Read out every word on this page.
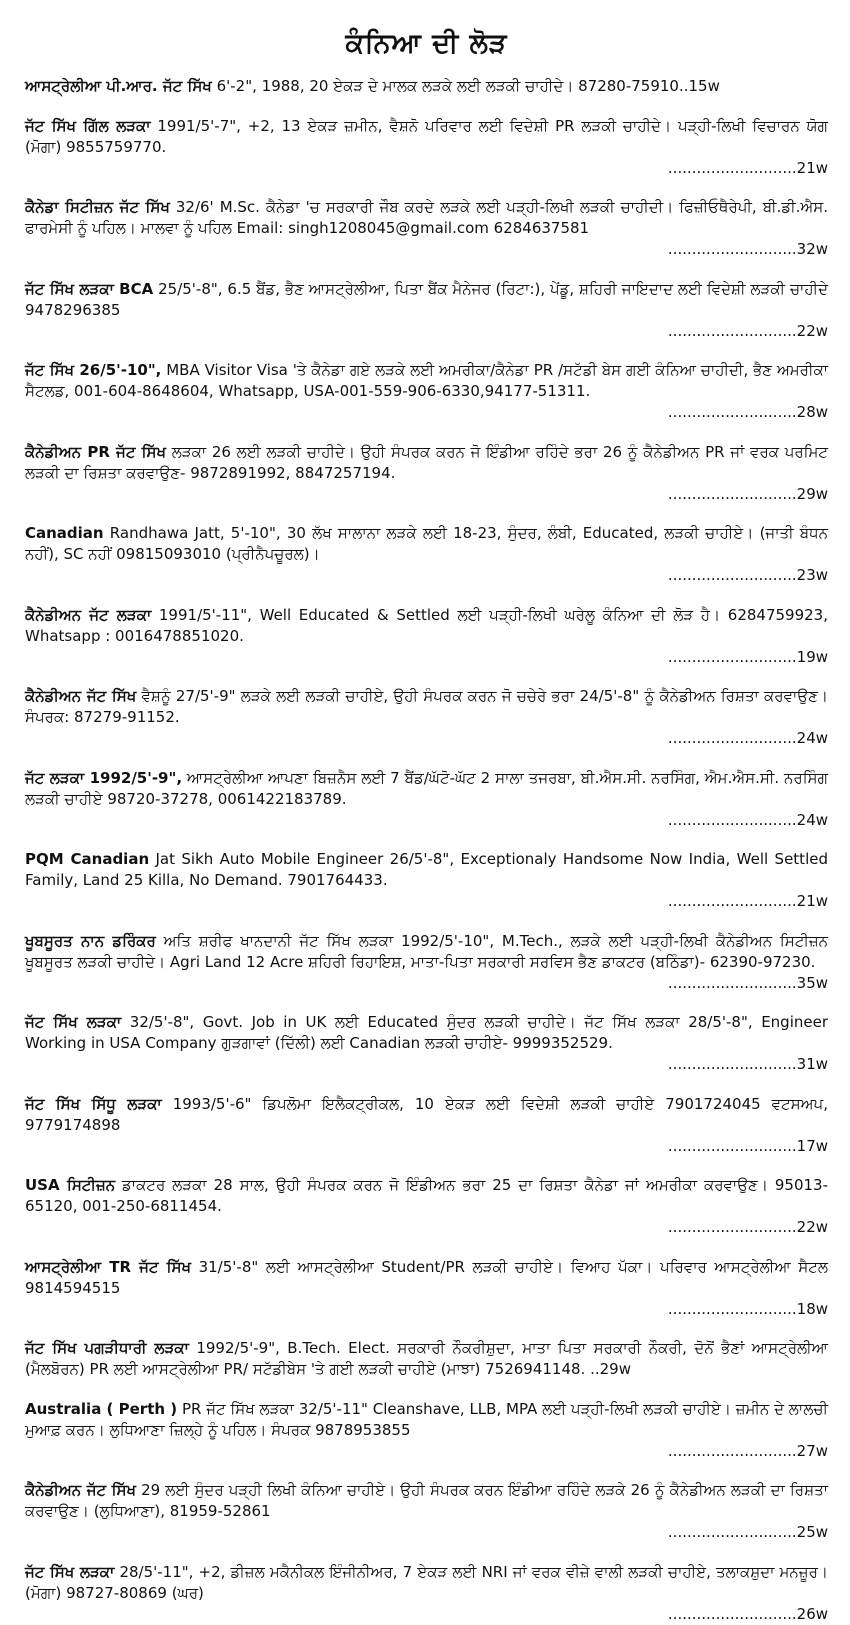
ਕੰਨਿਆ ਦੀ ਲੋੜ
ਆਸਟ੍ਰੇਲੀਆ ਪੀ.ਆਰ. ਜੱਟ ਸਿੱਖ 6'-2", 1988, 20 ਏਕੜ ਦੇ ਮਾਲਕ ਲੜਕੇ ਲਈ ਲੜਕੀ ਚਾਹੀਦੇ। 87280-75910..15w
ਜੱਟ ਸਿੱਖ ਗਿੱਲ ਲੜਕਾ 1991/5'-7", +2, 13 ਏਕੜ ਜ਼ਮੀਨ, ਵੈਸ਼ਨੋ ਪਰਿਵਾਰ ਲਈ ਵਿਦੇਸ਼ੀ PR ਲੜਕੀ ਚਾਹੀਦੇ। ਪੜ੍ਹੀ-ਲਿਖੀ ਵਿਚਾਰਨ ਯੋਗ (ਮੋਗਾ) 9855759770.
...........................21w
ਕੈਨੇਡਾ ਸਿਟੀਜ਼ਨ ਜੱਟ ਸਿੱਖ 32/6' M.Sc. ਕੈਨੇਡਾ 'ਚ ਸਰਕਾਰੀ ਜੌਬ ਕਰਦੇ ਲੜਕੇ ਲਈ ਪੜ੍ਹੀ-ਲਿਖੀ ਲੜਕੀ ਚਾਹੀਦੀ। ਫਿਜ਼ੀਓਥੈਰੇਪੀ, ਬੀ.ਡੀ.ਐਸ. ਫਾਰਮੇਸੀ ਨੂੰ ਪਹਿਲ। ਮਾਲਵਾ ਨੂੰ ਪਹਿਲ Email: singh1208045@gmail.com 6284637581
...........................32w
ਜੱਟ ਸਿੱਖ ਲੜਕਾ BCA 25/5'-8", 6.5 ਬੈਂਡ, ਭੈਣ ਆਸਟ੍ਰੇਲੀਆ, ਪਿਤਾ ਬੈਂਕ ਮੈਨੇਜਰ (ਰਿਟਾ:), ਪੇਂਡੂ, ਸ਼ਹਿਰੀ ਜਾਇਦਾਦ ਲਈ ਵਿਦੇਸ਼ੀ ਲੜਕੀ ਚਾਹੀਦੇ 9478296385
...........................22w
ਜੱਟ ਸਿੱਖ 26/5'-10", MBA Visitor Visa 'ਤੇ ਕੈਨੇਡਾ ਗਏ ਲੜਕੇ ਲਈ ਅਮਰੀਕਾ/ਕੈਨੇਡਾ PR /ਸਟੱਡੀ ਬੇਸ ਗਈ ਕੰਨਿਆ ਚਾਹੀਦੀ, ਭੈਣ ਅਮਰੀਕਾ ਸੈਟਲਡ, 001-604-8648604, Whatsapp, USA-001-559-906-6330,94177-51311.
...........................28w
ਕੈਨੇਡੀਅਨ PR ਜੱਟ ਸਿੱਖ ਲੜਕਾ 26 ਲਈ ਲੜਕੀ ਚਾਹੀਦੇ। ਉਹੀ ਸੰਪਰਕ ਕਰਨ ਜੋ ਇੰਡੀਆ ਰਹਿੰਦੇ ਭਰਾ 26 ਨੂੰ ਕੈਨੇਡੀਅਨ PR ਜਾਂ ਵਰਕ ਪਰਮਿਟ ਲੜਕੀ ਦਾ ਰਿਸ਼ਤਾ ਕਰਵਾਉਣ- 9872891992, 8847257194.
...........................29w
Canadian Randhawa Jatt, 5'-10", 30 ਲੱਖ ਸਾਲਾਨਾ ਲੜਕੇ ਲਈ 18-23, ਸੁੰਦਰ, ਲੰਬੀ, Educated, ਲੜਕੀ ਚਾਹੀਏ। (ਜਾਤੀ ਬੰਧਨ ਨਹੀਂ), SC ਨਹੀਂ 09815093010 (ਪ੍ਰੀਨੈਪਚੂਰਲ)।
...........................23w
ਕੈਨੇਡੀਅਨ ਜੱਟ ਲੜਕਾ 1991/5'-11", Well Educated & Settled ਲਈ ਪੜ੍ਹੀ-ਲਿਖੀ ਘਰੇਲੂ ਕੰਨਿਆ ਦੀ ਲੋੜ ਹੈ। 6284759923, Whatsapp : 0016478851020.
...........................19w
ਕੈਨੇਡੀਅਨ ਜੱਟ ਸਿੱਖ ਵੈਸ਼ਨੂੰ 27/5'-9" ਲੜਕੇ ਲਈ ਲੜਕੀ ਚਾਹੀਏ, ਉਹੀ ਸੰਪਰਕ ਕਰਨ ਜੋ ਚਚੇਰੇ ਭਰਾ 24/5'-8" ਨੂੰ ਕੈਨੇਡੀਅਨ ਰਿਸ਼ਤਾ ਕਰਵਾਉਣ। ਸੰਪਰਕ: 87279-91152.
...........................24w
ਜੱਟ ਲੜਕਾ 1992/5'-9", ਆਸਟ੍ਰੇਲੀਆ ਆਪਣਾ ਬਿਜ਼ਨੈਸ ਲਈ 7 ਬੈਂਡ/ਘੱਟੋ-ਘੱਟ 2 ਸਾਲਾ ਤਜਰਬਾ, ਬੀ.ਐਸ.ਸੀ. ਨਰਸਿੰਗ, ਐਮ.ਐਸ.ਸੀ. ਨਰਸਿੰਗ ਲੜਕੀ ਚਾਹੀਏ 98720-37278, 0061422183789.
...........................24w
PQM Canadian Jat Sikh Auto Mobile Engineer 26/5'-8", Exceptionaly Handsome Now India, Well Settled Family, Land 25 Killa, No Demand. 7901764433.
...........................21w
ਖੂਬਸੂਰਤ ਨਾਨ ਡਰਿੰਕਰ ਅਤਿ ਸ਼ਰੀਫ ਖਾਨਦਾਨੀ ਜੱਟ ਸਿੱਖ ਲੜਕਾ 1992/5'-10", M.Tech., ਲੜਕੇ ਲਈ ਪੜ੍ਹੀ-ਲਿਖੀ ਕੈਨੇਡੀਅਨ ਸਿਟੀਜ਼ਨ ਖੂਬਸੂਰਤ ਲੜਕੀ ਚਾਹੀਦੇ। Agri Land 12 Acre ਸ਼ਹਿਰੀ ਰਿਹਾਇਸ਼, ਮਾਤਾ-ਪਿਤਾ ਸਰਕਾਰੀ ਸਰਵਿਸ ਭੈਣ ਡਾਕਟਰ (ਬਠਿੰਡਾ)- 62390-97230.
...........................35w
ਜੱਟ ਸਿੱਖ ਲੜਕਾ 32/5'-8", Govt. Job in UK ਲਈ Educated ਸੁੰਦਰ ਲੜਕੀ ਚਾਹੀਦੇ। ਜੱਟ ਸਿੱਖ ਲੜਕਾ 28/5'-8", Engineer Working in USA Company ਗੁੜਗਾਵਾਂ (ਦਿੱਲੀ) ਲਈ Canadian ਲੜਕੀ ਚਾਹੀਏ- 9999352529.
...........................31w
ਜੱਟ ਸਿੱਖ ਸਿੱਧੂ ਲੜਕਾ 1993/5'-6" ਡਿਪਲੋਮਾ ਇਲੈਕਟ੍ਰੀਕਲ, 10 ਏਕੜ ਲਈ ਵਿਦੇਸ਼ੀ ਲੜਕੀ ਚਾਹੀਏ 7901724045 ਵਟਸਅਪ, 9779174898
...........................17w
USA ਸਿਟੀਜ਼ਨ ਡਾਕਟਰ ਲੜਕਾ 28 ਸਾਲ, ਉਹੀ ਸੰਪਰਕ ਕਰਨ ਜੋ ਇੰਡੀਅਨ ਭਰਾ 25 ਦਾ ਰਿਸ਼ਤਾ ਕੈਨੇਡਾ ਜਾਂ ਅਮਰੀਕਾ ਕਰਵਾਉਣ। 95013-65120, 001-250-6811454.
...........................22w
ਆਸਟ੍ਰੇਲੀਆ TR ਜੱਟ ਸਿੱਖ 31/5'-8" ਲਈ ਆਸਟ੍ਰੇਲੀਆ Student/PR ਲੜਕੀ ਚਾਹੀਏ। ਵਿਆਹ ਪੱਕਾ। ਪਰਿਵਾਰ ਆਸਟ੍ਰੇਲੀਆ ਸੈਟਲ 9814594515
...........................18w
ਜੱਟ ਸਿੱਖ ਪਗੜੀਧਾਰੀ ਲੜਕਾ 1992/5'-9", B.Tech. Elect. ਸਰਕਾਰੀ ਨੌਕਰੀਸ਼ੁਦਾ, ਮਾਤਾ ਪਿਤਾ ਸਰਕਾਰੀ ਨੌਕਰੀ, ਦੋਨੋਂ ਭੈਣਾਂ ਆਸਟ੍ਰੇਲੀਆ (ਮੈਲਬੋਰਨ) PR ਲਈ ਆਸਟ੍ਰੇਲੀਆ PR/ ਸਟੱਡੀਬੇਸ 'ਤੇ ਗਈ ਲੜਕੀ ਚਾਹੀਏ (ਮਾਝਾ) 7526941148. ..29w
Australia ( Perth ) PR ਜੱਟ ਸਿੱਖ ਲੜਕਾ 32/5'-11" Cleanshave, LLB, MPA ਲਈ ਪੜ੍ਹੀ-ਲਿਖੀ ਲੜਕੀ ਚਾਹੀਏ। ਜ਼ਮੀਨ ਦੇ ਲਾਲਚੀ ਮੁਆਫ਼ ਕਰਨ। ਲੁਧਿਆਣਾ ਜ਼ਿਲ੍ਹੇ ਨੂੰ ਪਹਿਲ। ਸੰਪਰਕ 9878953855
...........................27w
ਕੈਨੇਡੀਅਨ ਜੱਟ ਸਿੱਖ 29 ਲਈ ਸੁੰਦਰ ਪੜ੍ਹੀ ਲਿਖੀ ਕੰਨਿਆ ਚਾਹੀਏ। ਉਹੀ ਸੰਪਰਕ ਕਰਨ ਇੰਡੀਆ ਰਹਿੰਦੇ ਲੜਕੇ 26 ਨੂੰ ਕੈਨੇਡੀਅਨ ਲੜਕੀ ਦਾ ਰਿਸ਼ਤਾ ਕਰਵਾਉਣ। (ਲੁਧਿਆਣਾ), 81959-52861
...........................25w
ਜੱਟ ਸਿੱਖ ਲੜਕਾ 28/5'-11", +2, ਡੀਜ਼ਲ ਮਕੈਨੀਕਲ ਇੰਜੀਨੀਅਰ, 7 ਏਕੜ ਲਈ NRI ਜਾਂ ਵਰਕ ਵੀਜ਼ੇ ਵਾਲੀ ਲੜਕੀ ਚਾਹੀਏ, ਤਲਾਕਸ਼ੁਦਾ ਮਨਜ਼ੂਰ। (ਮੋਗਾ) 98727-80869 (ਘਰ)
...........................26w
